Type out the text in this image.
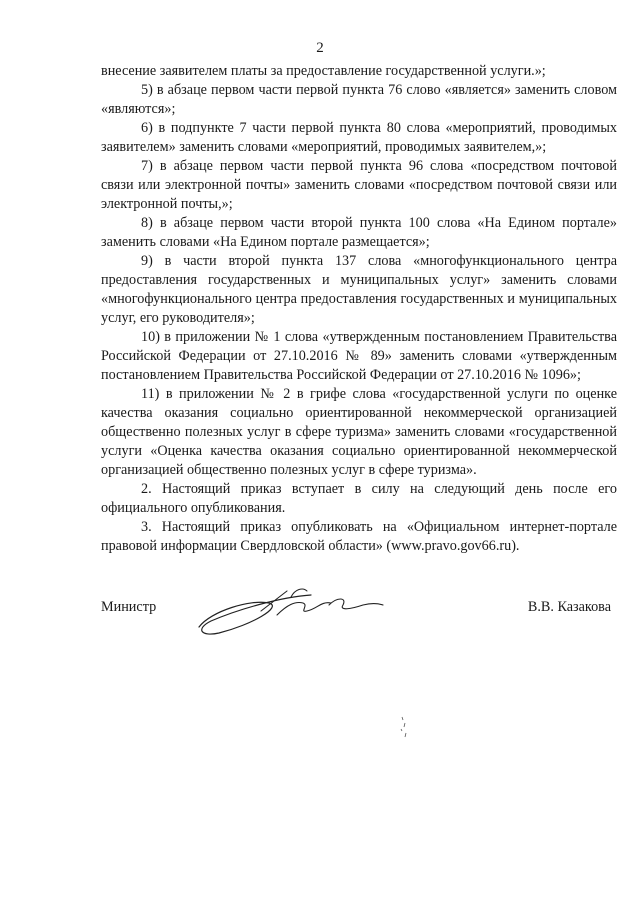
2

внесение заявителем платы за предоставление государственной услуги.»;

5) в абзаце первом части первой пункта 76 слово «является» заменить словом «являются»;

6) в подпункте 7 части первой пункта 80 слова «мероприятий, проводимых заявителем» заменить словами «мероприятий, проводимых заявителем,»;

7) в абзаце первом части первой пункта 96 слова «посредством почтовой связи или электронной почты» заменить словами «посредством почтовой связи или электронной почты,»;

8) в абзаце первом части второй пункта 100 слова «На Едином портале» заменить словами «На Едином портале размещается»;

9) в части второй пункта 137 слова «многофункционального центра предоставления государственных и муниципальных услуг» заменить словами «многофункционального центра предоставления государственных и муниципальных услуг, его руководителя»;

10) в приложении № 1 слова «утвержденным постановлением Правительства Российской Федерации от 27.10.2016 № 89» заменить словами «утвержденным постановлением Правительства Российской Федерации от 27.10.2016 № 1096»;

11) в приложении № 2 в грифе слова «государственной услуги по оценке качества оказания социально ориентированной некоммерческой организацией общественно полезных услуг в сфере туризма» заменить словами «государственной услуги «Оценка качества оказания социально ориентированной некоммерческой организацией общественно полезных услуг в сфере туризма».

2. Настоящий приказ вступает в силу на следующий день после его официального опубликования.

3. Настоящий приказ опубликовать на «Официальном интернет-портале правовой информации Свердловской области» (www.pravo.gov66.ru).

Министр	В.В. Казакова
